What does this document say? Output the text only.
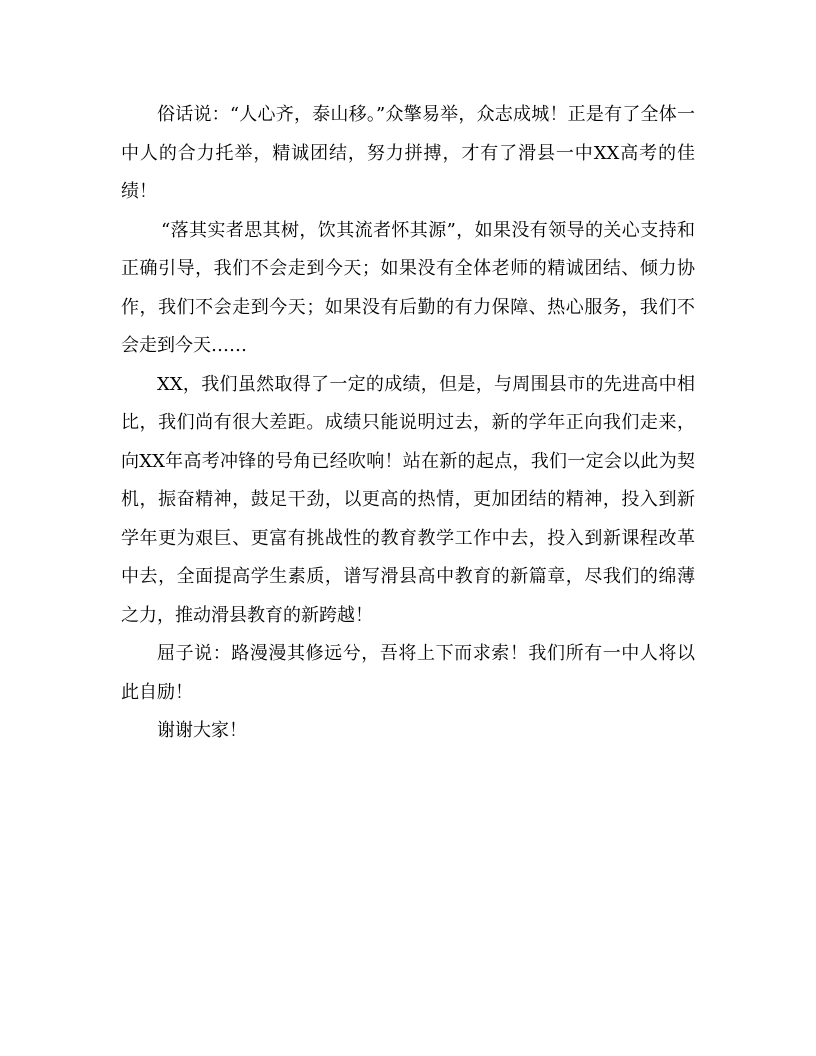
俗话说：“人心齐，泰山移。”众擎易举，众志成城！正是有了全体一中人的合力托举，精诚团结，努力拼搏，才有了滑县一中XX高考的佳绩！

“落其实者思其树，饮其流者怀其源”，如果没有领导的关心支持和正确引导，我们不会走到今天；如果没有全体老师的精诚团结、倾力协作，我们不会走到今天；如果没有后勤的有力保障、热心服务，我们不会走到今天……

XX，我们虽然取得了一定的成绩，但是，与周围县市的先进高中相比，我们尚有很大差距。成绩只能说明过去，新的学年正向我们走来，向XX年高考冲锋的号角已经吹响！站在新的起点，我们一定会以此为契机，振奋精神，鼓足干劲，以更高的热情，更加团结的精神，投入到新学年更为艰巨、更富有挑战性的教育教学工作中去，投入到新课程改革中去，全面提高学生素质，谱写滑县高中教育的新篇章，尽我们的绵薄之力，推动滑县教育的新跨越！

屈子说：路漫漫其修远兮，吾将上下而求索！我们所有一中人将以此自励！

谢谢大家！
